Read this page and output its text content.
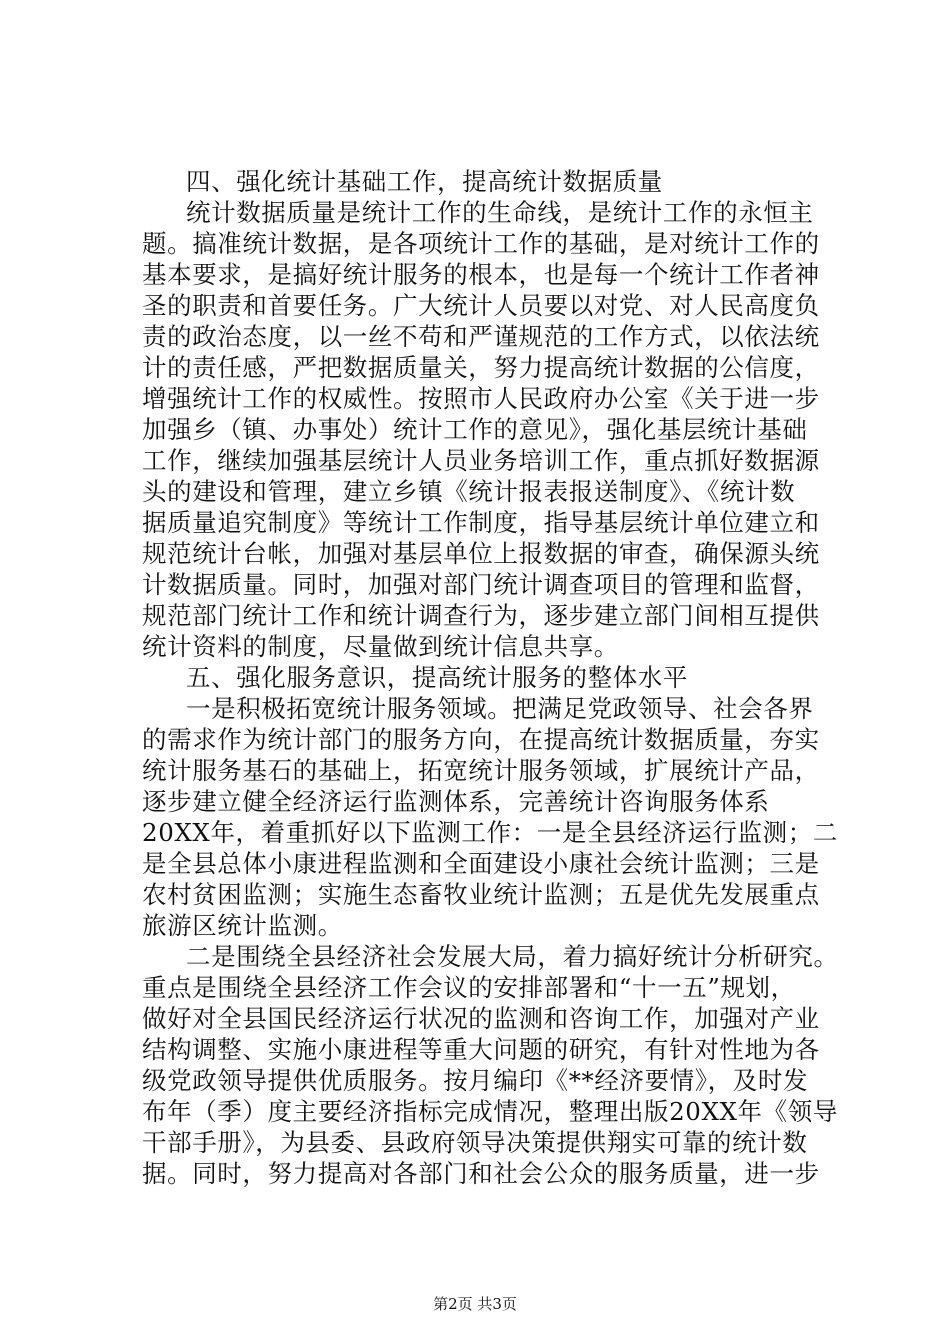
四、强化统计基础工作，提高统计数据质量
统计数据质量是统计工作的生命线，是统计工作的永恒主
题。搞准统计数据，是各项统计工作的基础，是对统计工作的
基本要求，是搞好统计服务的根本，也是每一个统计工作者神
圣的职责和首要任务。广大统计人员要以对党、对人民高度负
责的政治态度，以一丝不苟和严谨规范的工作方式，以依法统
计的责任感，严把数据质量关，努力提高统计数据的公信度，
增强统计工作的权威性。按照市人民政府办公室《关于进一步
加强乡（镇、办事处）统计工作的意见》，强化基层统计基础
工作，继续加强基层统计人员业务培训工作，重点抓好数据源
头的建设和管理，建立乡镇《统计报表报送制度》、《统计数
据质量追究制度》等统计工作制度，指导基层统计单位建立和
规范统计台帐，加强对基层单位上报数据的审查，确保源头统
计数据质量。同时，加强对部门统计调查项目的管理和监督，
规范部门统计工作和统计调查行为，逐步建立部门间相互提供
统计资料的制度，尽量做到统计信息共享。
五、强化服务意识，提高统计服务的整体水平
一是积极拓宽统计服务领域。把满足党政领导、社会各界
的需求作为统计部门的服务方向，在提高统计数据质量，夯实
统计服务基石的基础上，拓宽统计服务领域，扩展统计产品，
逐步建立健全经济运行监测体系，完善统计咨询服务体系
20XX年，着重抓好以下监测工作：一是全县经济运行监测；二
是全县总体小康进程监测和全面建设小康社会统计监测；三是
农村贫困监测；实施生态畜牧业统计监测；五是优先发展重点
旅游区统计监测。
二是围绕全县经济社会发展大局，着力搞好统计分析研究。
重点是围绕全县经济工作会议的安排部署和“十一五”规划，
做好对全县国民经济运行状况的监测和咨询工作，加强对产业
结构调整、实施小康进程等重大问题的研究，有针对性地为各
级党政领导提供优质服务。按月编印《**经济要情》，及时发
布年（季）度主要经济指标完成情况，整理出版20XX年《领导
干部手册》，为县委、县政府领导决策提供翔实可靠的统计数
据。同时，努力提高对各部门和社会公众的服务质量，进一步
第2页 共3页
